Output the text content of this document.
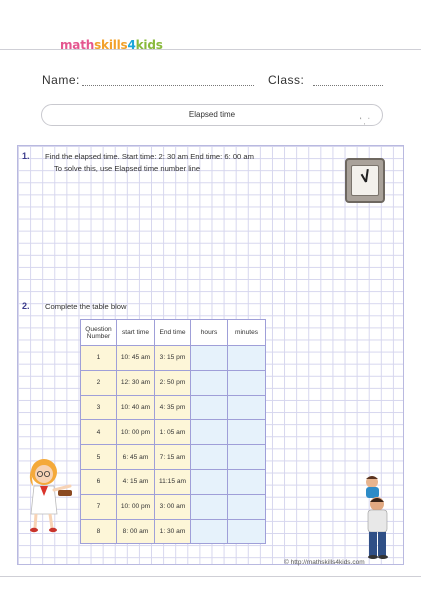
mathskills4kids
Name:	Class:
Elapsed time
ʻ ˌ ˈ
1. Find the elapsed time. Start time: 2: 30 am End time: 6: 00 am
To solve this, use Elapsed time number line
2. Complete the table blow
Question Number	start time	End time	hours	minutes
1	10: 45 am	3: 15 pm		
2	12: 30 am	2: 50 pm		
3	10: 40 am	4: 35 pm		
4	10: 00 pm	1: 05 am		
5	6: 45 am	7: 15 am		
6	4: 15 am	11:15 am		
7	10: 00 pm	3: 00 am		
8	8: 00 am	1: 30 am		
© http://mathskills4kids.com
